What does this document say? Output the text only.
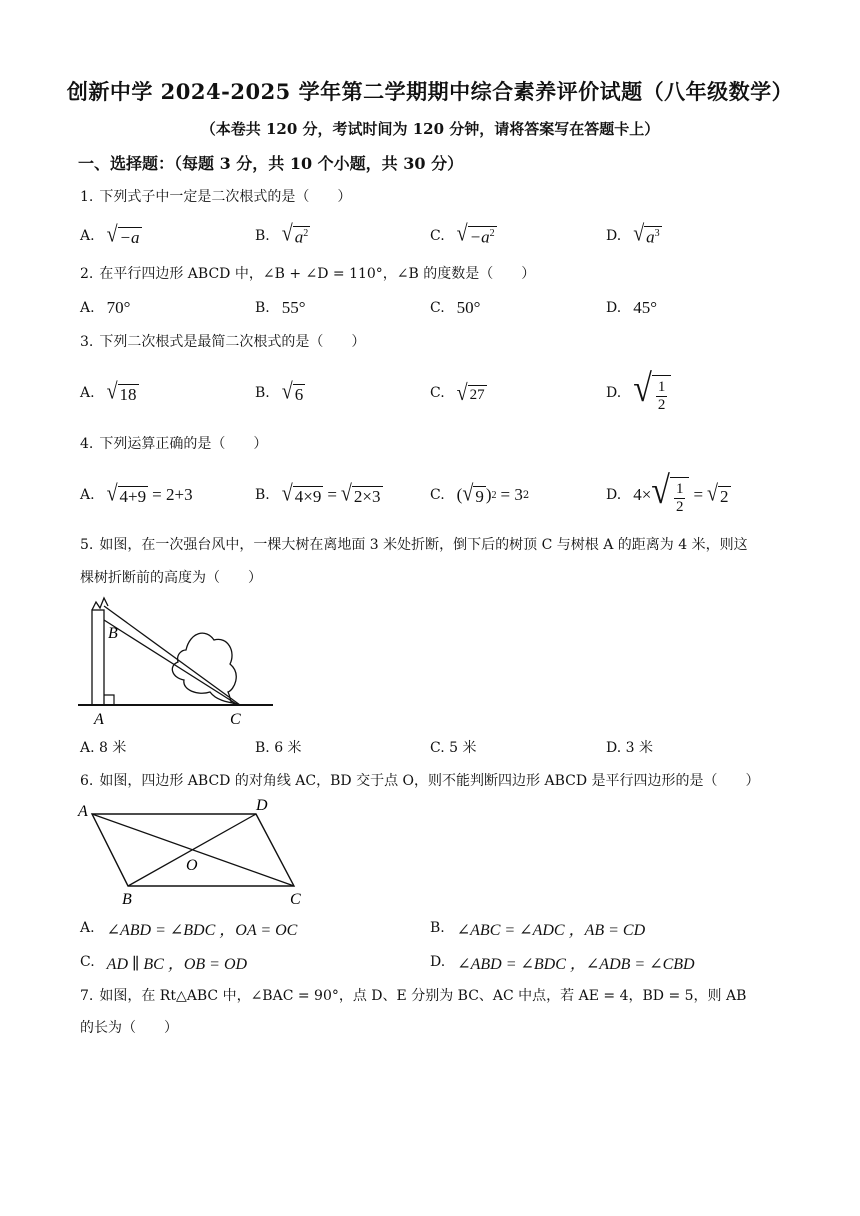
创新中学 2024-2025 学年第二学期期中综合素养评价试题（八年级数学）
（本卷共 120 分，考试时间为 120 分钟，请将答案写在答题卡上）
一、选择题：（每题 3 分，共 10 个小题，共 30 分）
1. 下列式子中一定是二次根式的是（　　）
A. √ −a	B. √ $a^2$	C. √ $-a^2$	D. √ $a^3$
2. 在平行四边形 ABCD 中，∠B + ∠D = 110°，∠B 的度数是（　　）
A. 70°	B. 55°	C. 50°	D. 45°
3. 下列二次根式是最简二次根式的是（　　）
A. √ 18	B. √ 6	C. √ 27	D. √ $\frac{1}{2}$
4. 下列运算正确的是（　　）
A. √ 4+9 = 2+3	B. √ 4×9 = √ 2×3	C. ( √ 9 ) 2 = 3 2	D. 4× √ $\frac{1}{2}$ = √ 2
5. 如图，在一次强台风中，一棵大树在离地面 3 米处折断，倒下后的树顶 C 与树根 A 的距离为 4 米，则这
棵树折断前的高度为（　　）
B
A	C
A. 8 米	B. 6 米	C. 5 米	D. 3 米
6. 如图，四边形 ABCD 的对角线 AC，BD 交于点 O，则不能判断四边形 ABCD 是平行四边形的是（　　）
A	D
B	C
O
A. ∠ABD = ∠BDC ，OA = OC	B. ∠ABC = ∠ADC ，AB = CD
C. AD ∥ BC ，OB = OD	D. ∠ABD = ∠BDC ，∠ADB = ∠CBD
7. 如图，在 Rt△ABC 中，∠BAC = 90°，点 D、E 分别为 BC、AC 中点，若 AE = 4，BD = 5，则 AB
的长为（　　）
